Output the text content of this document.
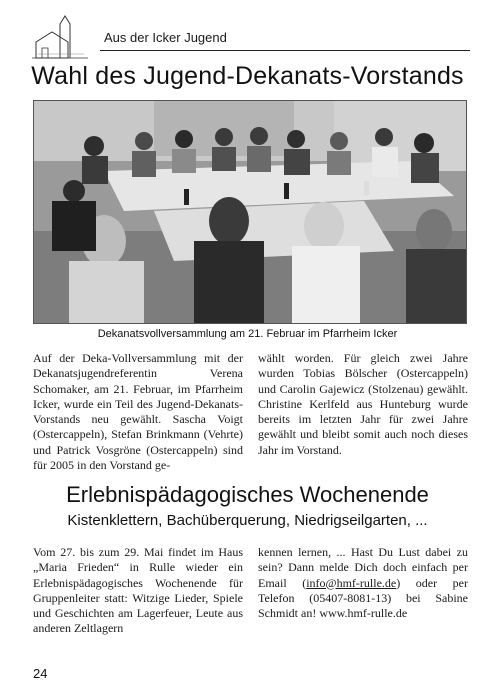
Aus der Icker Jugend
Wahl des Jugend-Dekanats-Vorstands
Dekanatsvollversammlung am 21. Februar im Pfarrheim Icker
Auf der Deka-Vollversammlung mit der Dekanatsjugendreferentin Verena Schomaker, am 21. Februar, im Pfarrheim Icker, wurde ein Teil des Jugend-Dekanats-Vorstands neu gewählt. Sascha Voigt (Ostercappeln), Stefan Brinkmann (Vehrte) und Patrick Vosgröne (Ostercappeln) sind für 2005 in den Vorstand ge-
wählt worden. Für gleich zwei Jahre wurden Tobias Bölscher (Ostercappeln) und Carolin Gajewicz (Stolzenau) gewählt. Christine Kerlfeld aus Hunteburg wurde bereits im letzten Jahr für zwei Jahre gewählt und bleibt somit auch noch dieses Jahr im Vorstand.
Erlebnispädagogisches Wochenende
Kistenklettern, Bachüberquerung, Niedrigseilgarten, ...
Vom 27. bis zum 29. Mai findet im Haus „Maria Frieden“ in Rulle wieder ein Erlebnispädagogisches Wochenende für Gruppenleiter statt: Witzige Lieder, Spiele und Geschichten am Lagerfeuer, Leute aus anderen Zeltlagern
kennen lernen, ... Hast Du Lust dabei zu sein? Dann melde Dich doch einfach per Email (info@hmf-rulle.de) oder per Telefon (05407-8081-13) bei Sabine Schmidt an! www.hmf-rulle.de
24
